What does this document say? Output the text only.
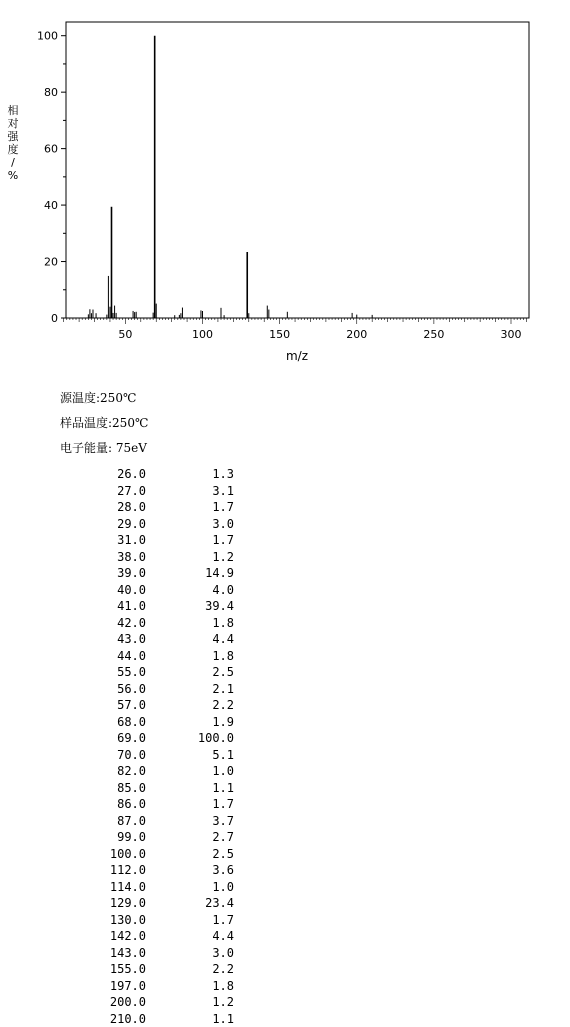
0
20
40
60
80
100
50	100	150	200	250	300
m/z
相
对
强
度
/
%
源温度:250℃
样品温度:250℃
电子能量: 75eV
26.0	1.3
27.0	3.1
28.0	1.7
29.0	3.0
31.0	1.7
38.0	1.2
39.0	14.9
40.0	4.0
41.0	39.4
42.0	1.8
43.0	4.4
44.0	1.8
55.0	2.5
56.0	2.1
57.0	2.2
68.0	1.9
69.0	100.0
70.0	5.1
82.0	1.0
85.0	1.1
86.0	1.7
87.0	3.7
99.0	2.7
100.0	2.5
112.0	3.6
114.0	1.0
129.0	23.4
130.0	1.7
142.0	4.4
143.0	3.0
155.0	2.2
197.0	1.8
200.0	1.2
210.0	1.1
